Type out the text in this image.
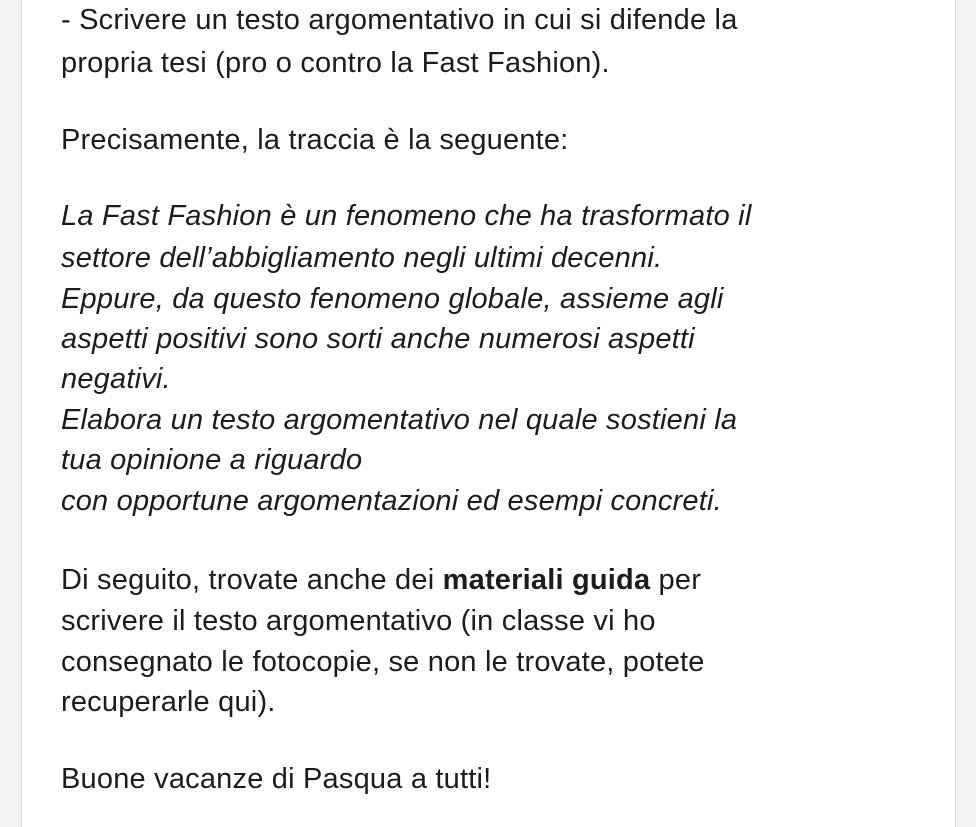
- Scrivere un testo argomentativo in cui si difende la
propria tesi (pro o contro la Fast Fashion).
Precisamente, la traccia è la seguente:
La Fast Fashion è un fenomeno che ha trasformato il
settore dell’abbigliamento negli ultimi decenni.
Eppure, da questo fenomeno globale, assieme agli
aspetti positivi sono sorti anche numerosi aspetti
negativi.
Elabora un testo argomentativo nel quale sostieni la
tua opinione a riguardo
con opportune argomentazioni ed esempi concreti.
Di seguito, trovate anche dei materiali guida per
scrivere il testo argomentativo (in classe vi ho
consegnato le fotocopie, se non le trovate, potete
recuperarle qui).
Buone vacanze di Pasqua a tutti!
